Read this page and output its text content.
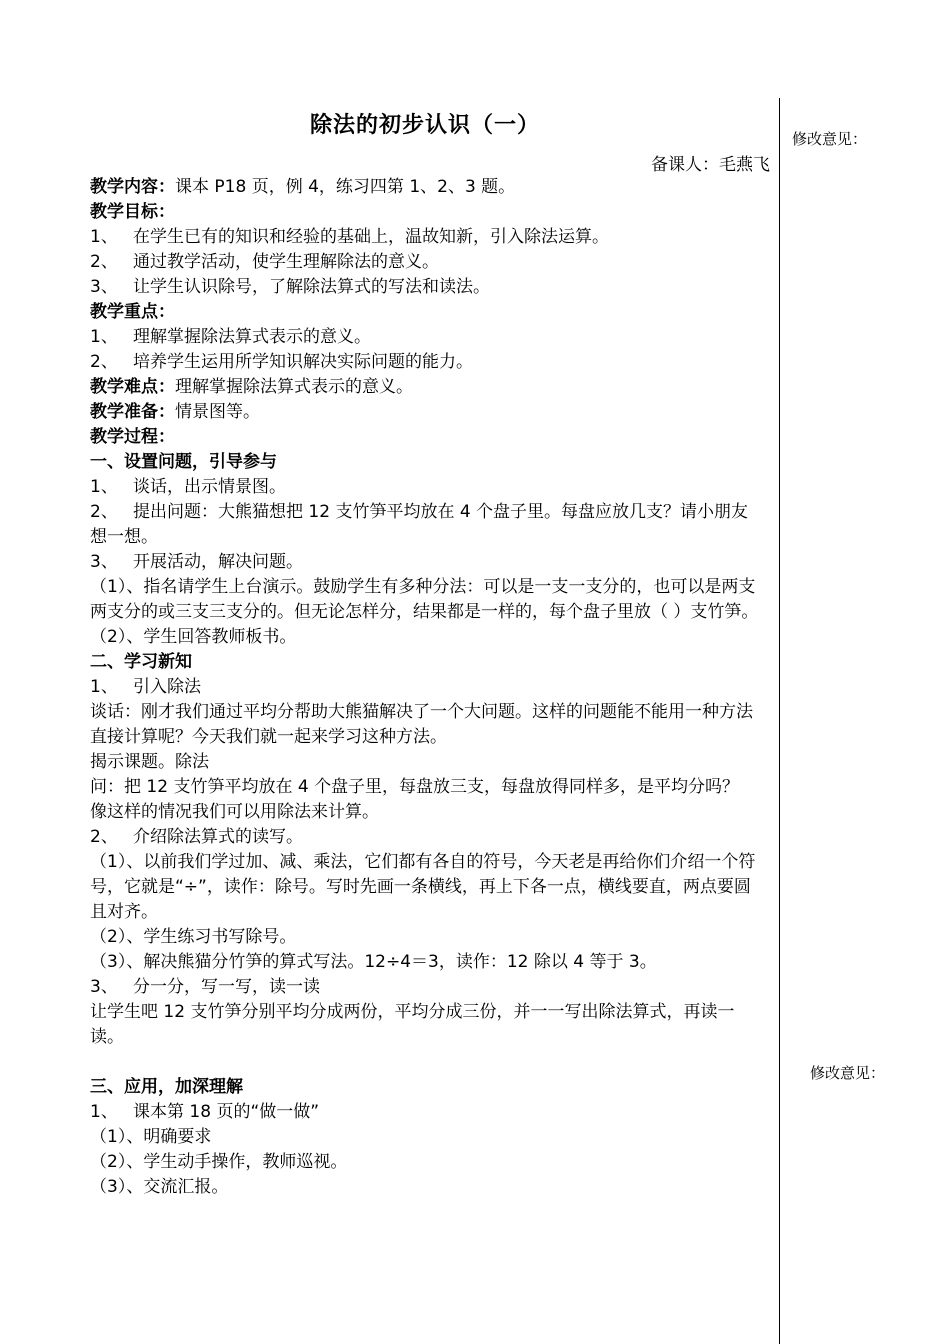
修改意见：
修改意见：
除法的初步认识（一）
备课人：毛燕飞

教学内容：课本 P18 页，例 4，练习四第 1、2、3 题。

教学目标：

1、 在学生已有的知识和经验的基础上，温故知新，引入除法运算。

2、 通过教学活动，使学生理解除法的意义。

3、 让学生认识除号，了解除法算式的写法和读法。

教学重点：

1、 理解掌握除法算式表示的意义。

2、 培养学生运用所学知识解决实际问题的能力。

教学难点：理解掌握除法算式表示的意义。

教学准备：情景图等。

教学过程：

一、设置问题，引导参与

1、 谈话，出示情景图。

2、 提出问题：大熊猫想把 12 支竹笋平均放在 4 个盘子里。每盘应放几支？请小朋友想一想。

3、 开展活动，解决问题。

（1）、指名请学生上台演示。鼓励学生有多种分法：可以是一支一支分的，也可以是两支两支分的或三支三支分的。但无论怎样分，结果都是一样的，每个盘子里放（ ）支竹笋。

（2）、学生回答教师板书。

二、学习新知

1、 引入除法

谈话：刚才我们通过平均分帮助大熊猫解决了一个大问题。这样的问题能不能用一种方法直接计算呢？今天我们就一起来学习这种方法。

揭示课题。除法

问：把 12 支竹笋平均放在 4 个盘子里，每盘放三支，每盘放得同样多，是平均分吗？

像这样的情况我们可以用除法来计算。

2、 介绍除法算式的读写。

（1）、以前我们学过加、减、乘法，它们都有各自的符号，今天老是再给你们介绍一个符号，它就是“÷”，读作：除号。写时先画一条横线，再上下各一点，横线要直，两点要圆且对齐。

（2）、学生练习书写除号。

（3）、解决熊猫分竹笋的算式写法。12÷4＝3，读作：12 除以 4 等于 3。

3、 分一分，写一写，读一读

让学生吧 12 支竹笋分别平均分成两份，平均分成三份，并一一写出除法算式，再读一读。

三、应用，加深理解

1、 课本第 18 页的“做一做”

（1）、明确要求

（2）、学生动手操作，教师巡视。

（3）、交流汇报。
